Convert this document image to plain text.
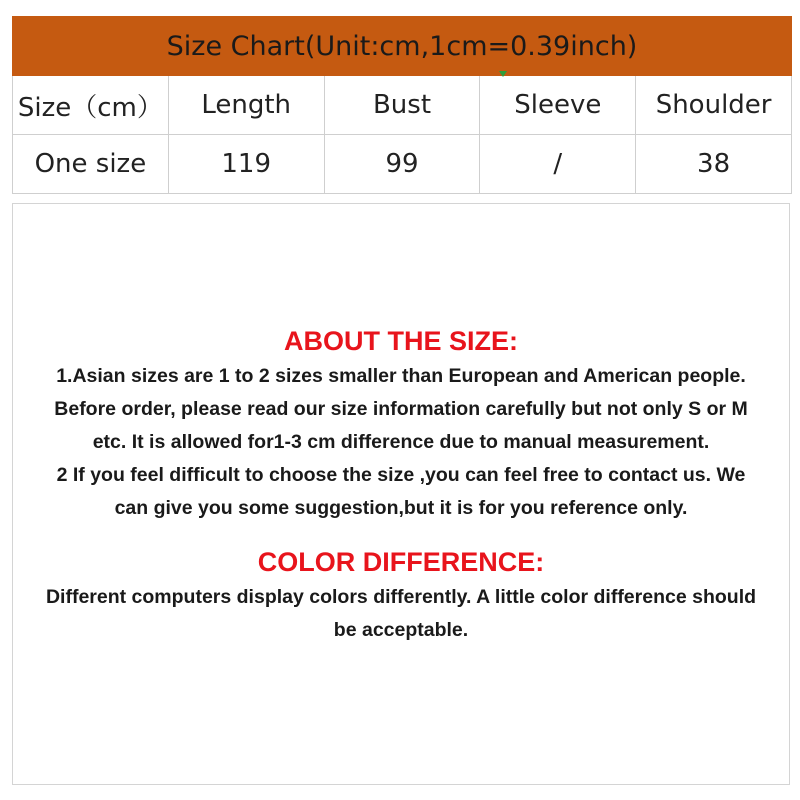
Size Chart(Unit:cm,1cm=0.39inch)				
Size（cm）	Length	Bust	Sleeve	Shoulder
One size	119	99	/	38
ABOUT THE SIZE:
1.Asian sizes are 1 to 2 sizes smaller than European and American people.
Before order, please read our size information carefully but not only S or M
etc. It is allowed for1-3 cm difference due to manual measurement.
2 If you feel difficult to choose the size ,you can feel free to contact us. We
can give you some suggestion,but it is for you reference only.
COLOR DIFFERENCE:
Different computers display colors differently. A little color difference should
be acceptable.
